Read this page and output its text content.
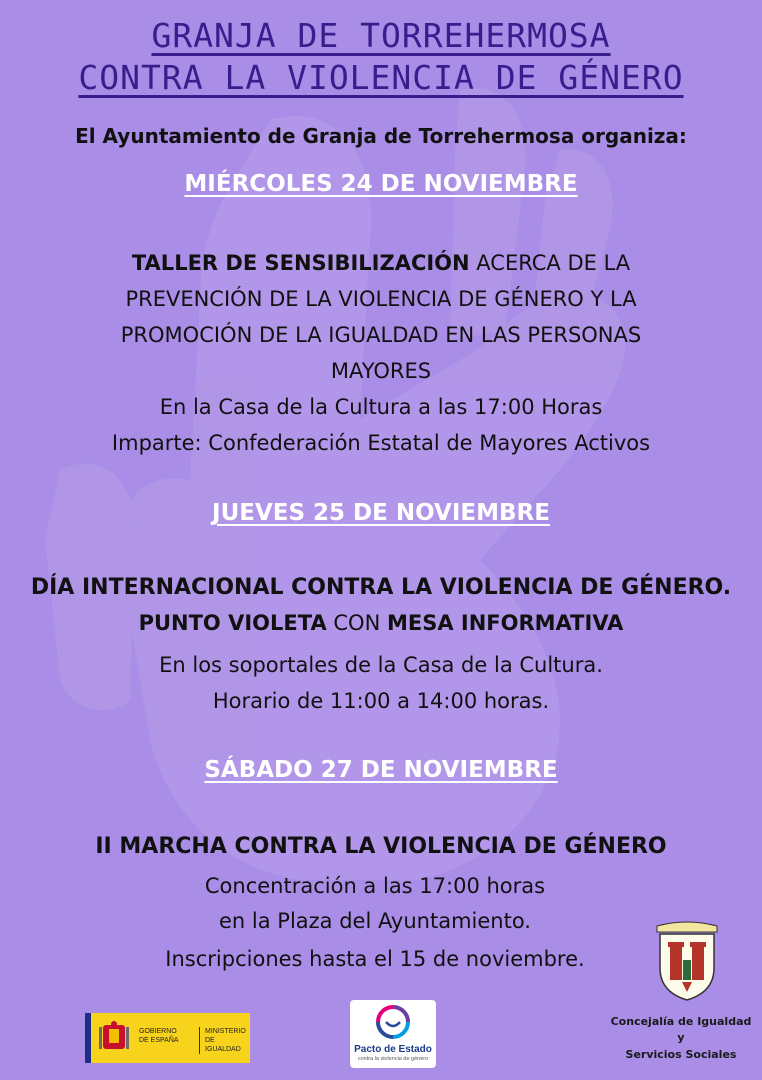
GRANJA DE TORREHERMOSA
CONTRA LA VIOLENCIA DE GÉNERO
El Ayuntamiento de Granja de Torrehermosa organiza:
MIÉRCOLES 24 DE NOVIEMBRE
TALLER DE SENSIBILIZACIÓN ACERCA DE LA
PREVENCIÓN DE LA VIOLENCIA DE GÉNERO Y LA
PROMOCIÓN DE LA IGUALDAD EN LAS PERSONAS
MAYORES
En la Casa de la Cultura a las 17:00 Horas
Imparte: Confederación Estatal de Mayores Activos
JUEVES 25 DE NOVIEMBRE
DÍA INTERNACIONAL CONTRA LA VIOLENCIA DE GÉNERO.
PUNTO VIOLETA CON MESA INFORMATIVA
En los soportales de la Casa de la Cultura.
Horario de 11:00 a 14:00 horas.
SÁBADO 27 DE NOVIEMBRE
II MARCHA CONTRA LA VIOLENCIA DE GÉNERO
Concentración a las 17:00 horas
en la Plaza del Ayuntamiento.
Inscripciones hasta el 15 de noviembre.
GOBIERNO
DE ESPAÑA
MINISTERIO
DE IGUALDAD	Pacto de Estado
contra la violencia de género
Concejalía de Igualdad
y
Servicios Sociales
